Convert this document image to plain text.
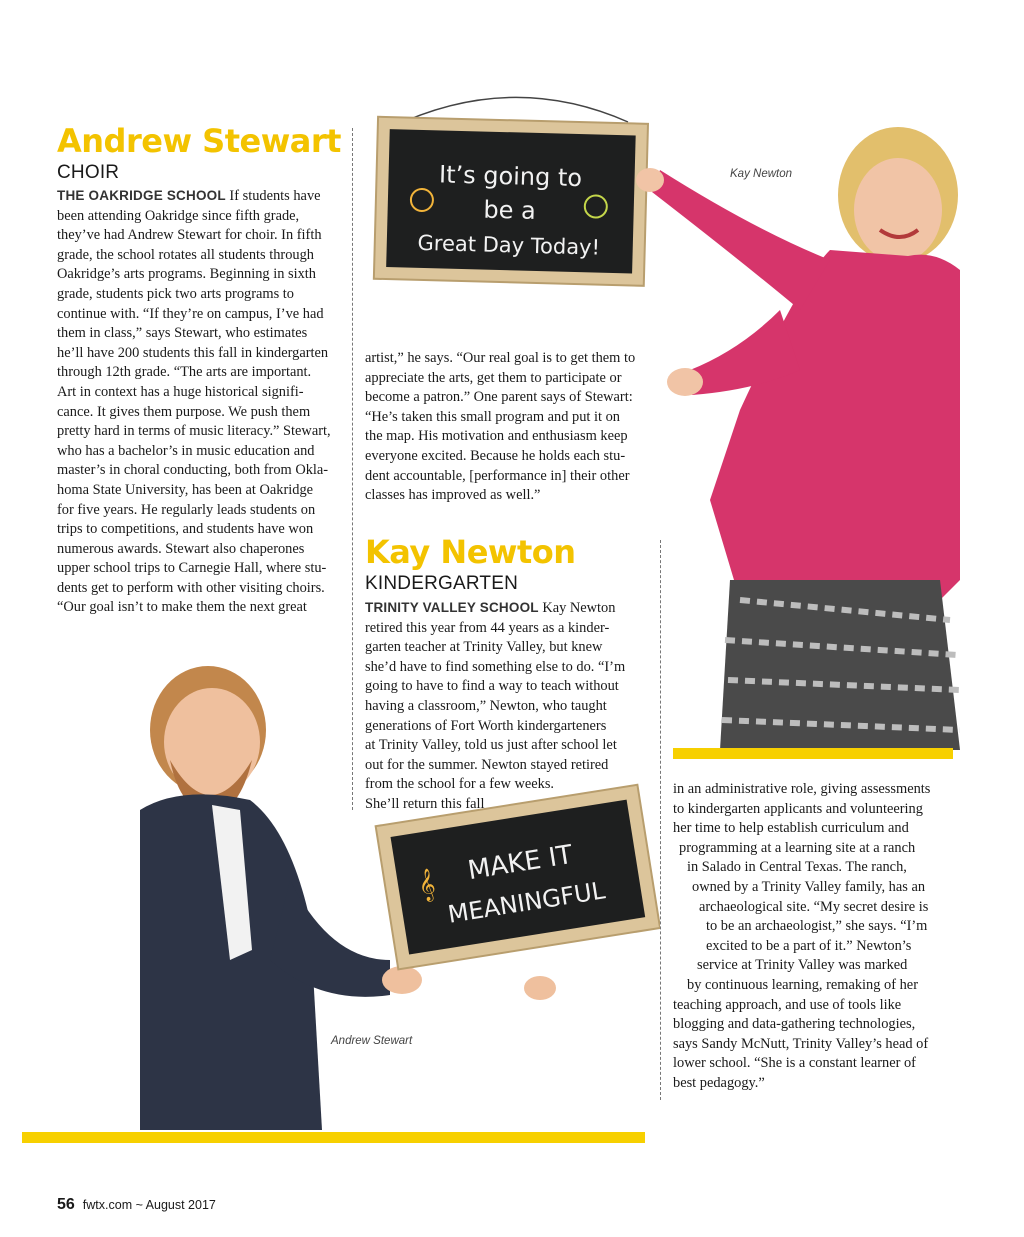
It’s going to
be a
Great Day Today!
Kay Newton
MAKE IT
MEANINGFUL
𝄞
Andrew Stewart
Andrew Stewart
CHOIR
THE OAKRIDGE SCHOOL If students have
been attending Oakridge since fifth grade,
they’ve had Andrew Stewart for choir. In fifth
grade, the school rotates all students through
Oakridge’s arts programs. Beginning in sixth
grade, students pick two arts programs to
continue with. “If they’re on campus, I’ve had
them in class,” says Stewart, who estimates
he’ll have 200 students this fall in kindergarten
through 12th grade. “The arts are important.
Art in context has a huge historical signifi-
cance. It gives them purpose. We push them
pretty hard in terms of music literacy.” Stewart,
who has a bachelor’s in music education and
master’s in choral conducting, both from Okla-
homa State University, has been at Oakridge
for five years. He regularly leads students on
trips to competitions, and students have won
numerous awards. Stewart also chaperones
upper school trips to Carnegie Hall, where stu-
dents get to perform with other visiting choirs.
“Our goal isn’t to make them the next great
artist,” he says. “Our real goal is to get them to
appreciate the arts, get them to participate or
become a patron.” One parent says of Stewart:
“He’s taken this small program and put it on
the map. His motivation and enthusiasm keep
everyone excited. Because he holds each stu-
dent accountable, [performance in] their other
classes has improved as well.”
Kay Newton
KINDERGARTEN
TRINITY VALLEY SCHOOL Kay Newton
retired this year from 44 years as a kinder-
garten teacher at Trinity Valley, but knew
she’d have to find something else to do. “I’m
going to have to find a way to teach without
having a classroom,” Newton, who taught
generations of Fort Worth kindergarteners
at Trinity Valley, told us just after school let
out for the summer. Newton stayed retired
from the school for a few weeks.
She’ll return this fall
in an administrative role, giving assessments
to kindergarten applicants and volunteering
her time to help establish curriculum and
programming at a learning site at a ranch
in Salado in Central Texas. The ranch,
owned by a Trinity Valley family, has an
archaeological site. “My secret desire is
to be an archaeologist,” she says. “I’m
excited to be a part of it.” Newton’s
service at Trinity Valley was marked
by continuous learning, remaking of her
teaching approach, and use of tools like
blogging and data-gathering technologies,
says Sandy McNutt, Trinity Valley’s head of
lower school. “She is a constant learner of
best pedagogy.”
56 fwtx.com ~ August 2017
